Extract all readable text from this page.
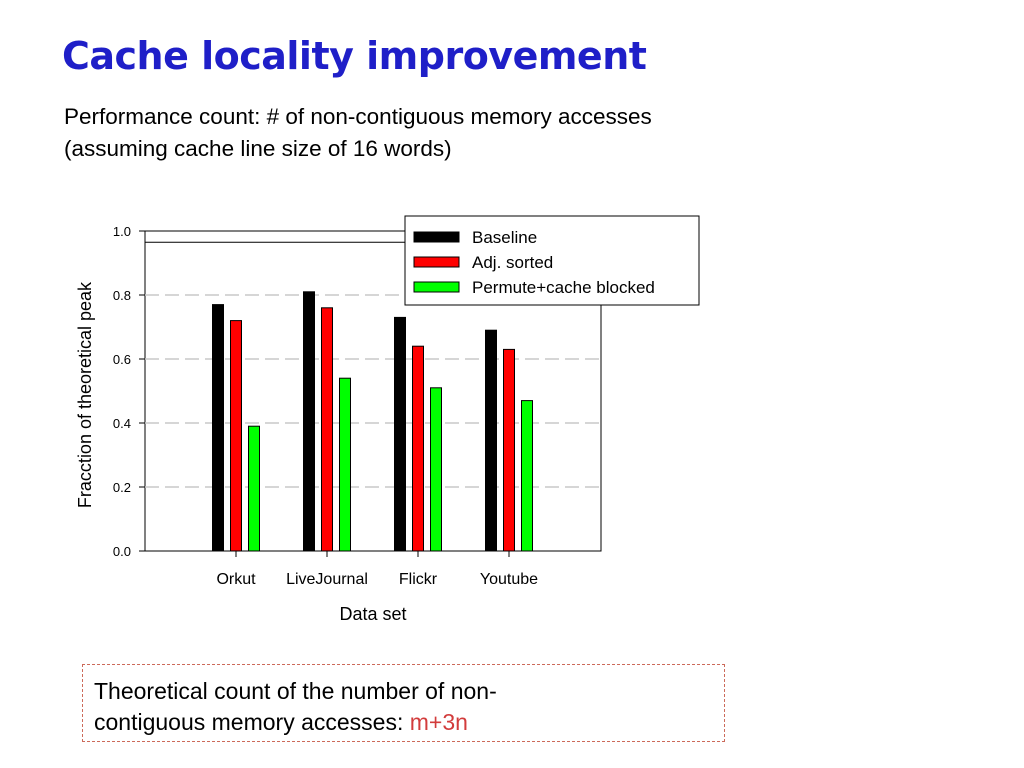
Cache locality improvement
Performance count: # of non-contiguous memory accesses
(assuming cache line size of 16 words)
0.0
0.2
0.4
0.6
0.8
1.0
Orkut LiveJournal Flickr	Youtube
Data set
Fracction of theoretical peak
Baseline
Adj. sorted
Permute+cache blocked
Theoretical count of the number of non-
contiguous memory accesses: m+3n
